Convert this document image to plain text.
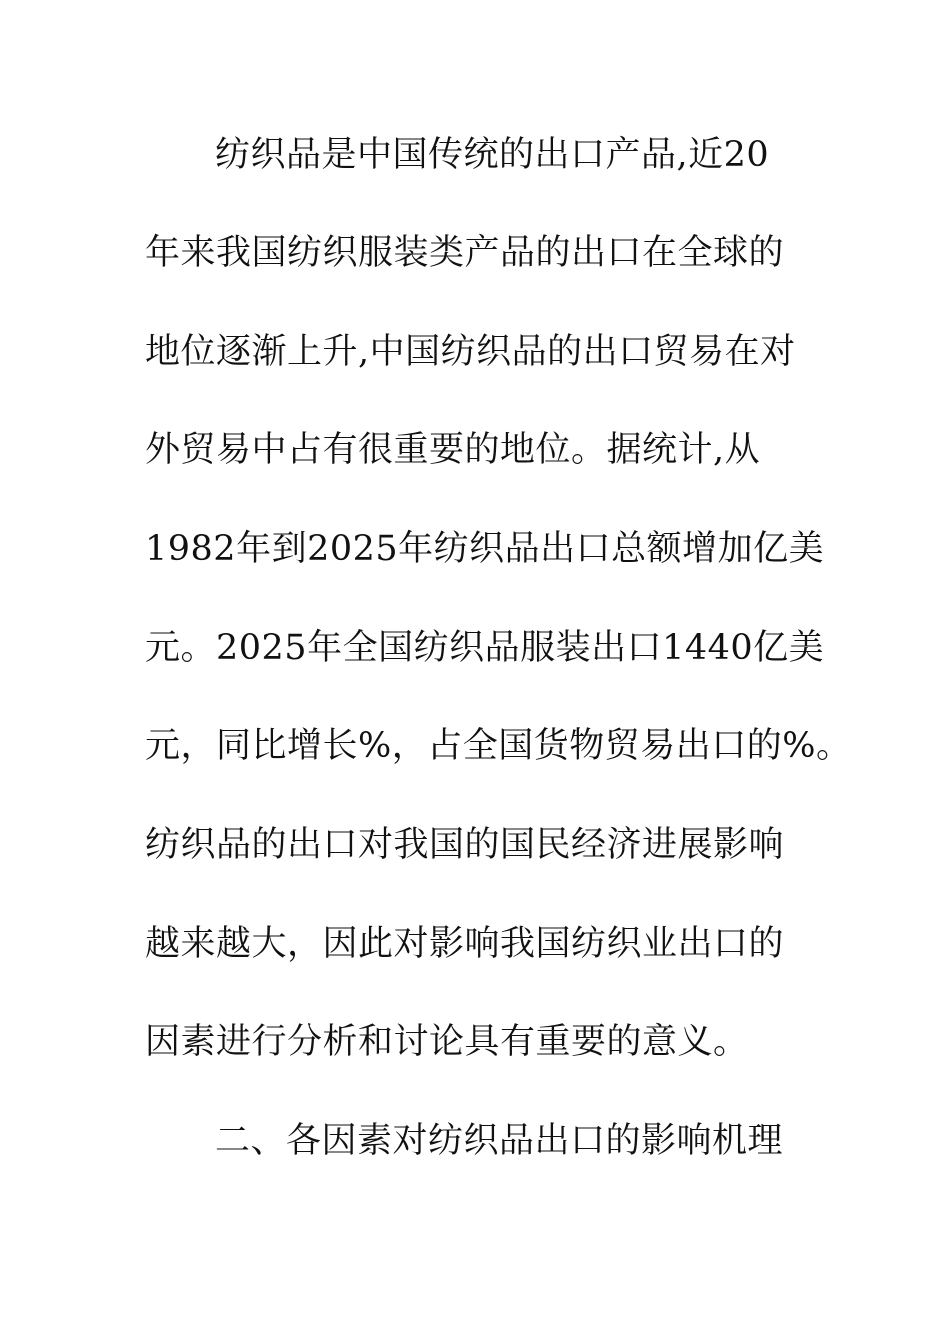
纺织品是中国传统的出口产品,近20
年来我国纺织服装类产品的出口在全球的
地位逐渐上升,中国纺织品的出口贸易在对
外贸易中占有很重要的地位。据统计,从
1982年到2025年纺织品出口总额增加亿美
元。2025年全国纺织品服装出口1440亿美
元，同比增长%，占全国货物贸易出口的%。
纺织品的出口对我国的国民经济进展影响
越来越大，因此对影响我国纺织业出口的
因素进行分析和讨论具有重要的意义。
二、各因素对纺织品出口的影响机理
